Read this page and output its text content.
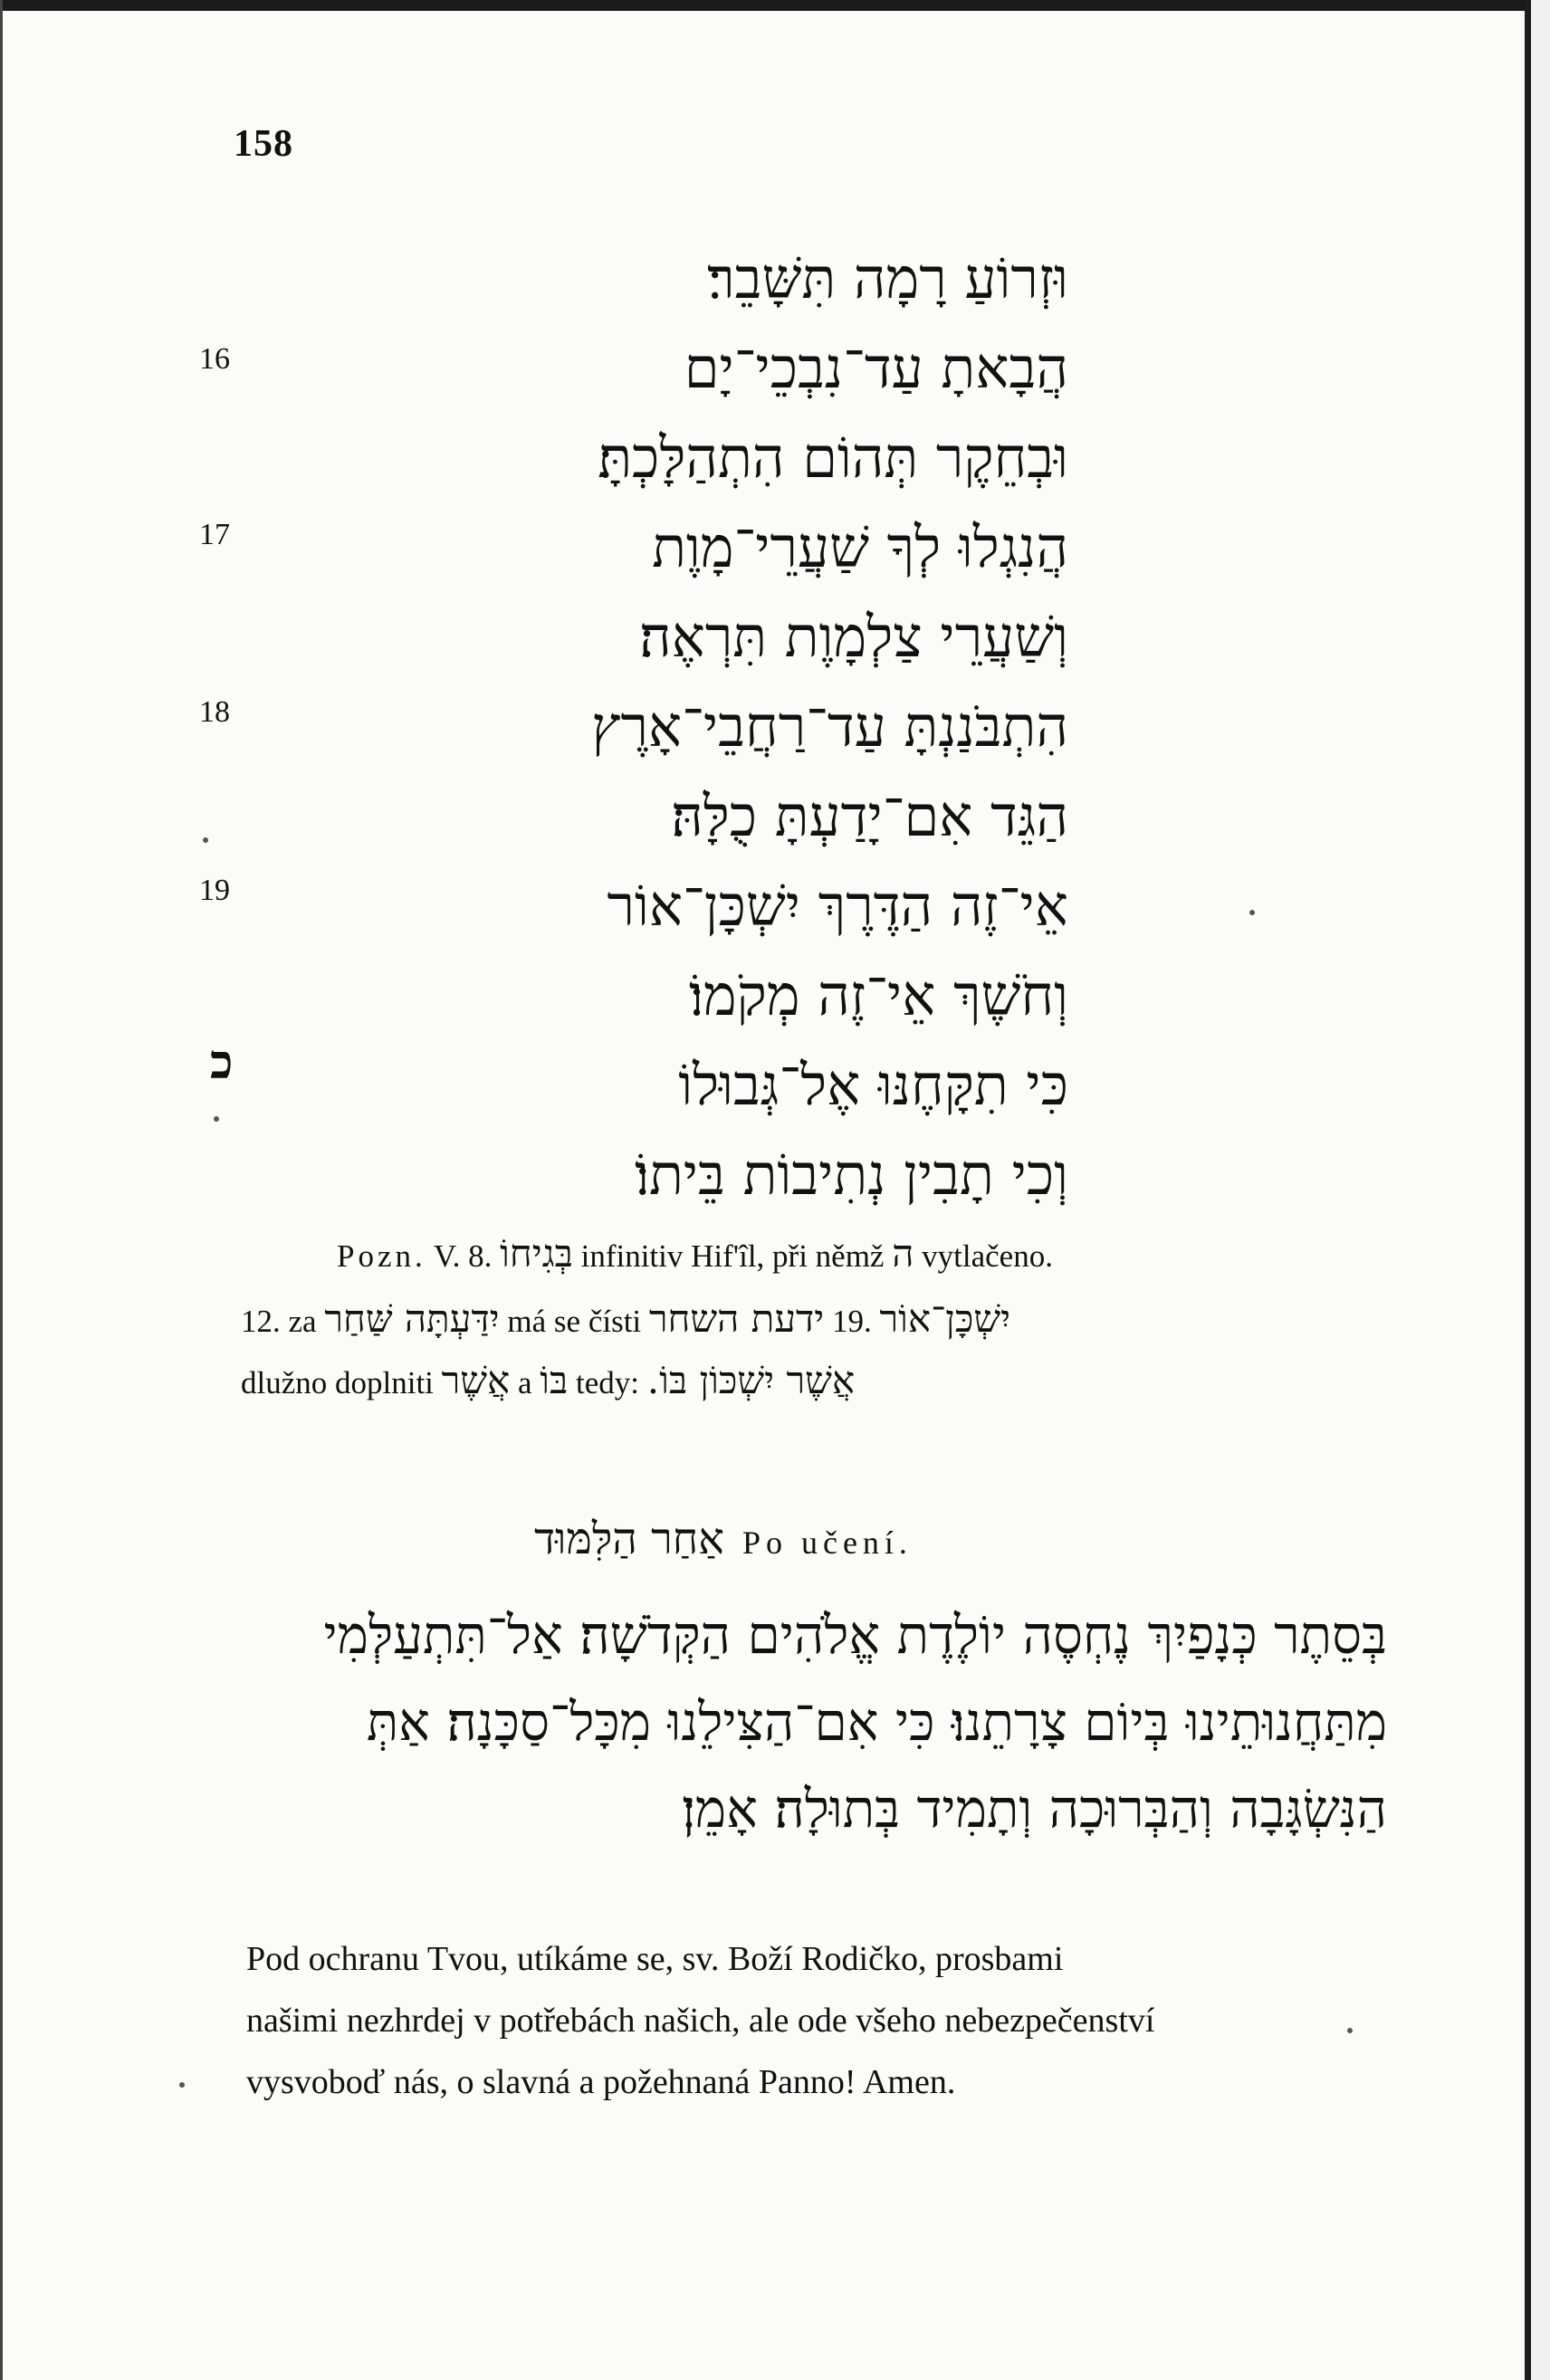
158
16
17
18
19
כ
וּזְרוֹעַ רָמָה תִּשָּׁבֵר׃
הֲבָאתָ עַד־נִבְכֵי־יָם
וּבְחֵקֶר תְּהוֹם הִתְהַלָּכְתָּ׃
הֲנִגְלוּ לְךָ שַׁעֲרֵי־מָוֶת
וְשַׁעֲרֵי צַלְמָוֶת תִּרְאֶה׃
הִתְבֹּנַנְתָּ עַד־רַחֲבֵי־אָרֶץ
הַגֵּד אִם־יָדַעְתָּ כֻלָּהּ׃
אֵי־זֶה הַדֶּרֶךְ יִשְׁכָּן־אוֹר
וְחֹשֶׁךְ אֵי־זֶה מְקֹמוֹ׃
כִּי תִקָּחֶנּוּ אֶל־גְּבוּלוֹ
וְכִי תָבִין נְתִיבוֹת בֵּיתוֹ׃
Pozn. V. 8. בְּגִיחוֹ infinitiv Hif'îl, při němž ה vytlačeno.
12. za יִדַּעְתָּה שַּׁחַר má se čísti ידעת השחר 19. יִשְׁכָּן־אוֹר
dlužno doplniti אֲשֶׁר a בּוֹ tedy: אֲשֶׁר יִשְׁכּוֹן בּוֹ.
אַחַר הַלִּמּוּד Po učení.
בְּסֵתֶר כְּנָפַיִךְ נֶחְסֶה יוֹלֶדֶת אֱלֹהִים הַקְּדֹשָׁה׃ אַל־תִּתְעַלְּמִי
מִתַּחֲנוּתֵינוּ בְּיוֹם צָרָתֵנוּ׃ כִּי אִם־הַצִּילֵנוּ מִכָּל־סַכָּנָה׃ אַתְּ
הַנִּשְׂגָּבָה וְהַבְּרוּכָה וְתָמִיד בְּתוּלָה׃ אָמֵן׃
Pod ochranu Tvou, utíkáme se, sv. Boží Rodičko, prosbami
našimi nezhrdej v potřebách našich, ale ode všeho nebezpečenství
vysvoboď nás, o slavná a požehnaná Panno! Amen.
